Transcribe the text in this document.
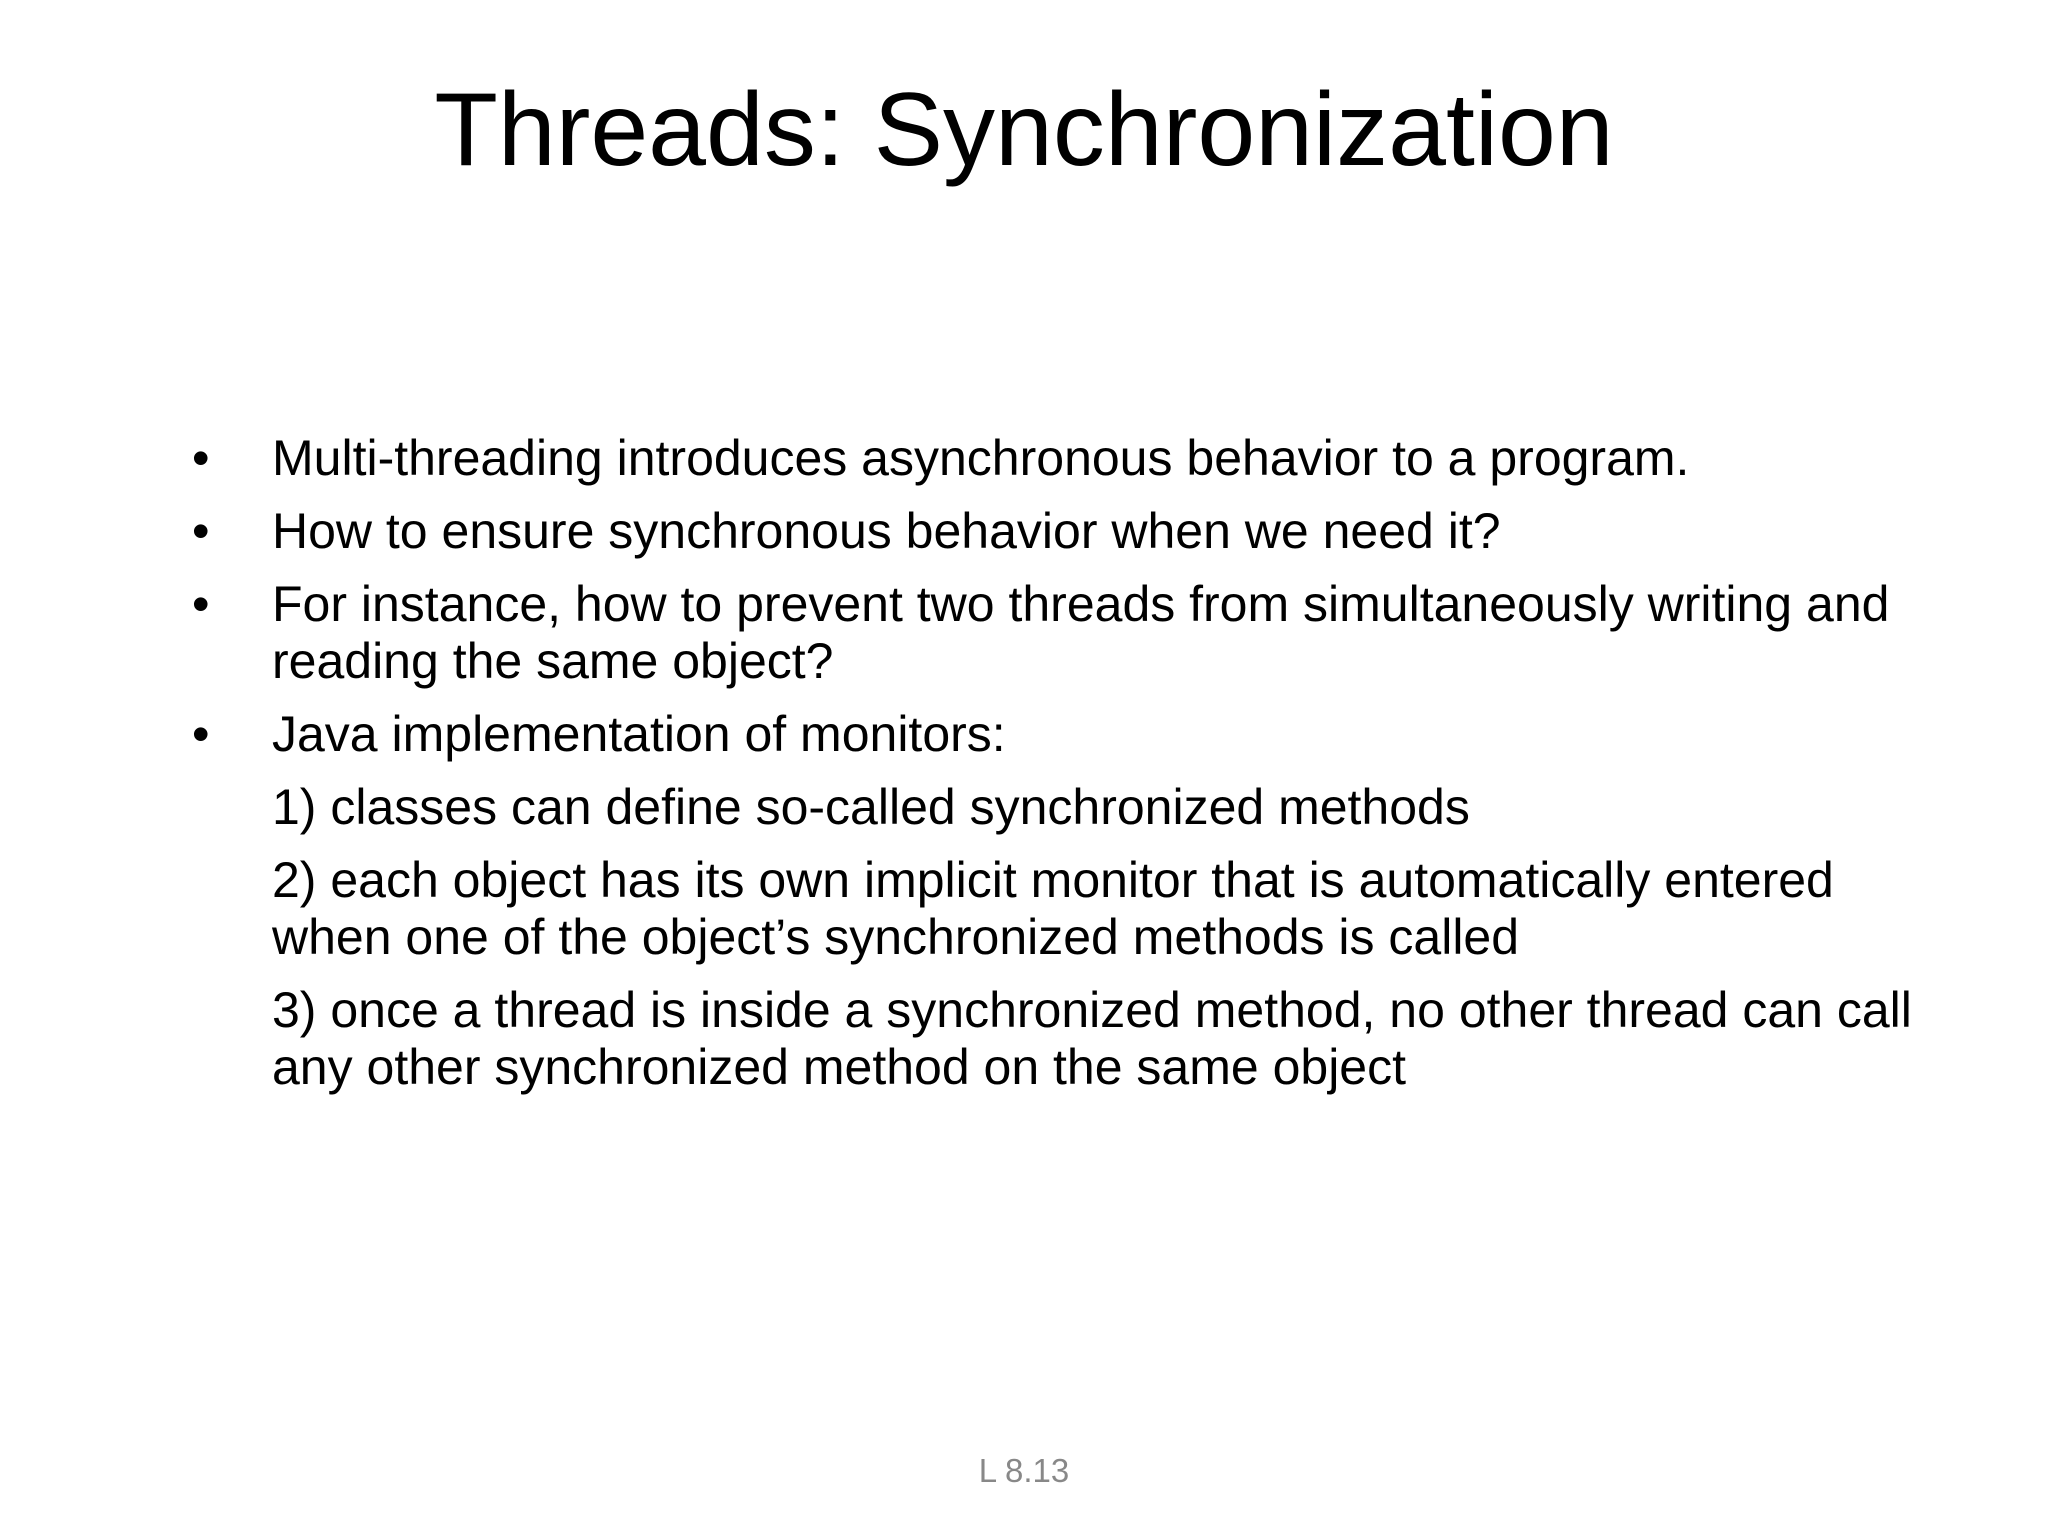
Threads: Synchronization
•	Multi-threading introduces asynchronous behavior to a program.
•	How to ensure synchronous behavior when we need it?
•	For instance, how to prevent two threads from simultaneously writing and reading the same object?
•	Java implementation of monitors:
1) classes can define so-called synchronized methods
2) each object has its own implicit monitor that is automatically entered when one of the object’s synchronized methods is called
3) once a thread is inside a synchronized method, no other thread can call any other synchronized method on the same object
L 8.13
